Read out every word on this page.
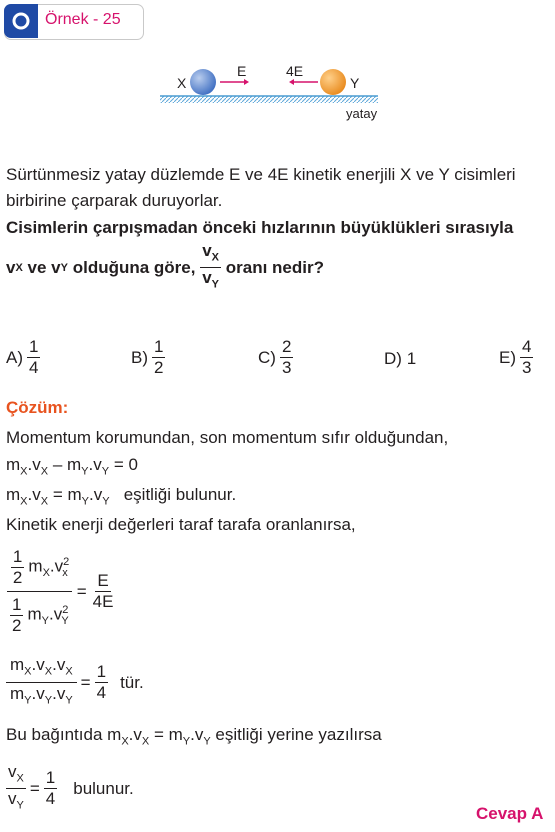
Örnek - 25
X	Y
E	4E
yatay
Sürtünmesiz yatay düzlemde E ve 4E kinetik enerjili X ve Y cisimleri
birbirine çarparak duruyorlar.
Cisimlerin çarpışmadan önceki hızlarının büyüklükleri sırasıyla
v X ve v Y olduğuna göre, $\frac{v_X}{v_Y}$ oranı nedir?
$A) \frac{1}{4}$	$B) \frac{1}{2}$	$C) \frac{2}{3}$	D) 1	$E) \frac{4}{3}$
Çözüm:
Momentum korumundan, son momentum sıfır olduğundan,
$m_X.v_X - m_Y.v_Y = 0$
$m_X.v_X = m_Y.v_Y$   eşitliği bulunur.
Kinetik enerji değerleri taraf tarafa oranlanırsa,
$\frac{\frac{1}{2} m_X.v^2_x}{\frac{1}{2} m_Y.v^2_Y} = \frac{E}{4E}$
$\frac{m_X.v_X.v_X}{m_Y.v_Y.v_Y} = \frac{1}{4}$ tür.
Bu bağıntıda $m_X.v_X = m_Y.v_Y$ eşitliği yerine yazılırsa
$\frac{v_X}{v_Y} = \frac{1}{4}$ bulunur.
Cevap A
